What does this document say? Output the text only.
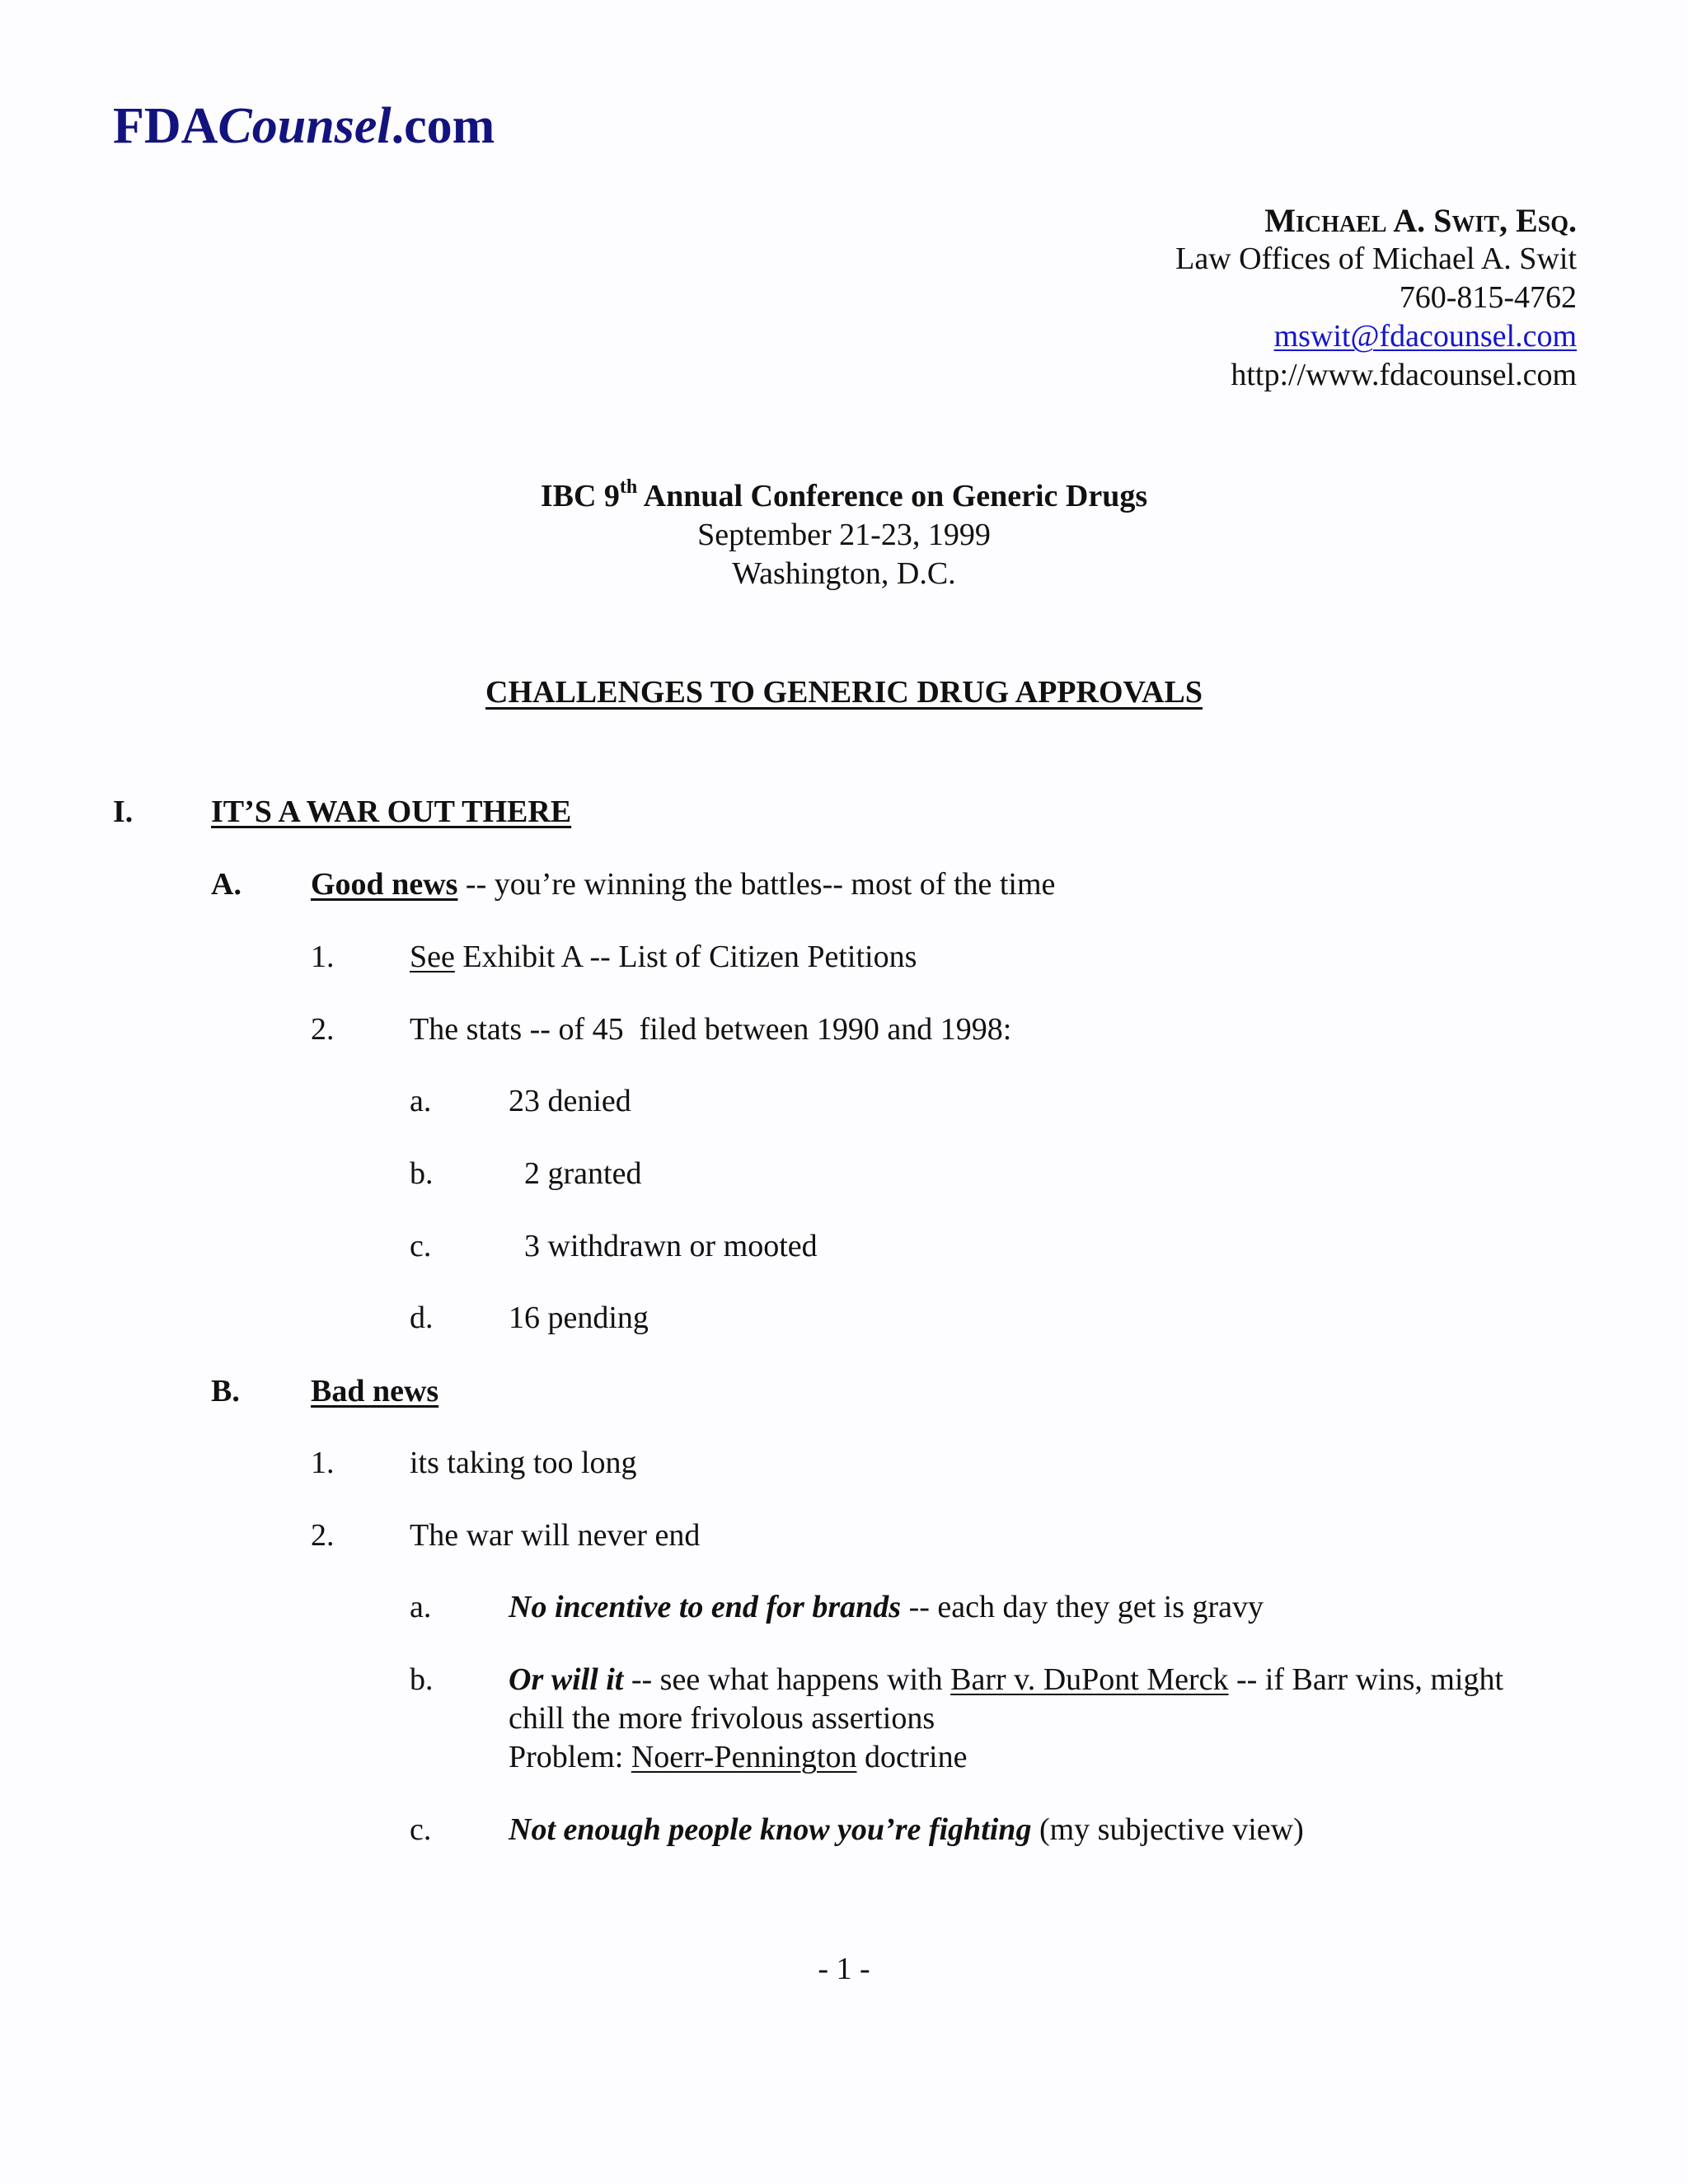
FDACounsel.com
Michael A. Swit, Esq.
Law Offices of Michael A. Swit
760-815-4762
mswit@fdacounsel.com
http://www.fdacounsel.com
IBC 9th Annual Conference on Generic Drugs
September 21-23, 1999
Washington, D.C.
CHALLENGES TO GENERIC DRUG APPROVALS
I. IT’S A WAR OUT THERE
A. Good news -- you’re winning the battles-- most of the time
1. See Exhibit A -- List of Citizen Petitions
2. The stats -- of 45  filed between 1990 and 1998:
a. 23 denied
b. 2 granted
c. 3 withdrawn or mooted
d. 16 pending
B. Bad news
1. its taking too long
2. The war will never end
a. No incentive to end for brands -- each day they get is gravy
b. Or will it -- see what happens with Barr v. DuPont Merck -- if Barr wins, might
chill the more frivolous assertions
Problem: Noerr-Pennington doctrine
c. Not enough people know you’re fighting (my subjective view)
- 1 -
